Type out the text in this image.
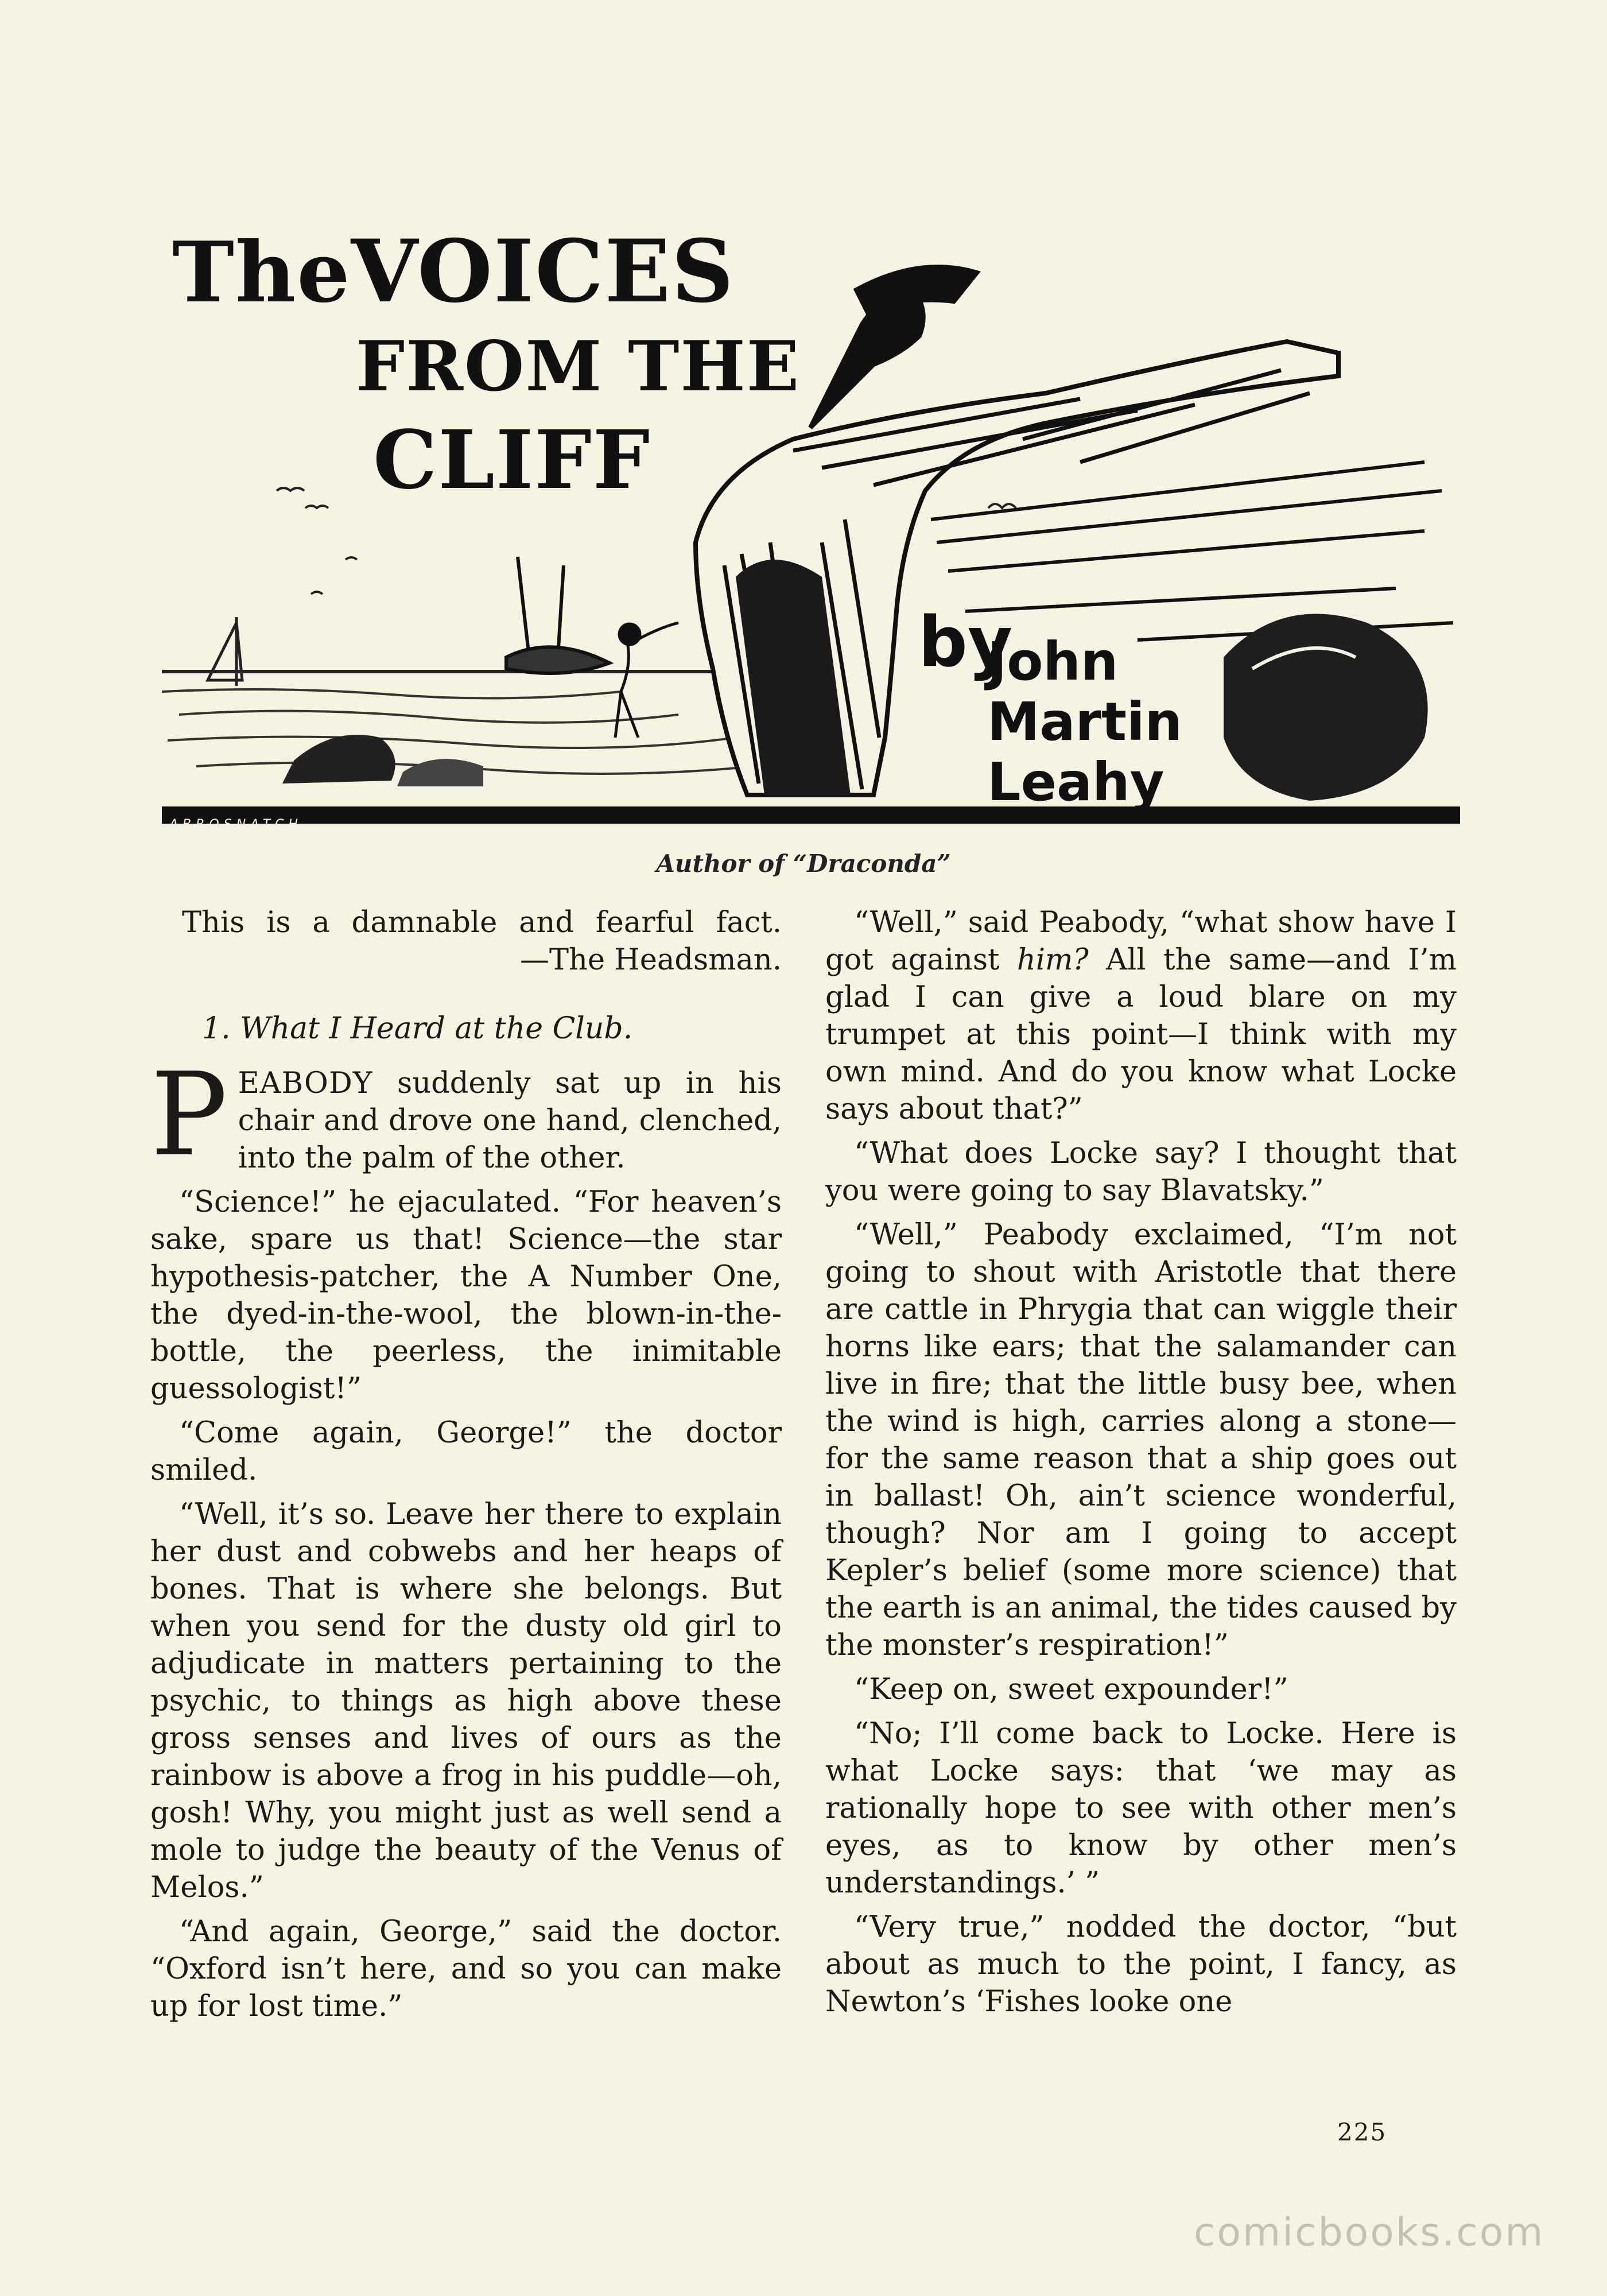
TheVOICES
FROM THE
CLIFF
by
John
Martin
Leahy
ABROSNATCH
Author of “Draconda”
This is a damnable and fearful fact.
—The Headsman.
1. What I Heard at the Club.

PEABODY suddenly sat up in his chair and drove one hand, clenched, into the palm of the other.

“Science!” he ejaculated. “For heaven’s sake, spare us that! Science—the star hypothesis-patcher, the A Number One, the dyed-in-the-wool, the blown-in-the-bottle, the peerless, the inimitable guessologist!”

“Come again, George!” the doctor smiled.

“Well, it’s so. Leave her there to explain her dust and cobwebs and her heaps of bones. That is where she belongs. But when you send for the dusty old girl to adjudicate in matters pertaining to the psychic, to things as high above these gross senses and lives of ours as the rainbow is above a frog in his puddle—oh, gosh! Why, you might just as well send a mole to judge the beauty of the Venus of Melos.”

“And again, George,” said the doctor. “Oxford isn’t here, and so you can make up for lost time.”

“Well,” said Peabody, “what show have I got against him? All the same—and I’m glad I can give a loud blare on my trumpet at this point—I think with my own mind. And do you know what Locke says about that?”

“What does Locke say? I thought that you were going to say Blavatsky.”

“Well,” Peabody exclaimed, “I’m not going to shout with Aristotle that there are cattle in Phrygia that can wiggle their horns like ears; that the salamander can live in fire; that the little busy bee, when the wind is high, carries along a stone—for the same reason that a ship goes out in ballast! Oh, ain’t science wonderful, though? Nor am I going to accept Kepler’s belief (some more science) that the earth is an animal, the tides caused by the monster’s respiration!”

“Keep on, sweet expounder!”

“No; I’ll come back to Locke. Here is what Locke says: that ‘we may as rationally hope to see with other men’s eyes, as to know by other men’s understandings.’ ”

“Very true,” nodded the doctor, “but about as much to the point, I fancy, as Newton’s ‘Fishes looke one

225
comicbooks.com
